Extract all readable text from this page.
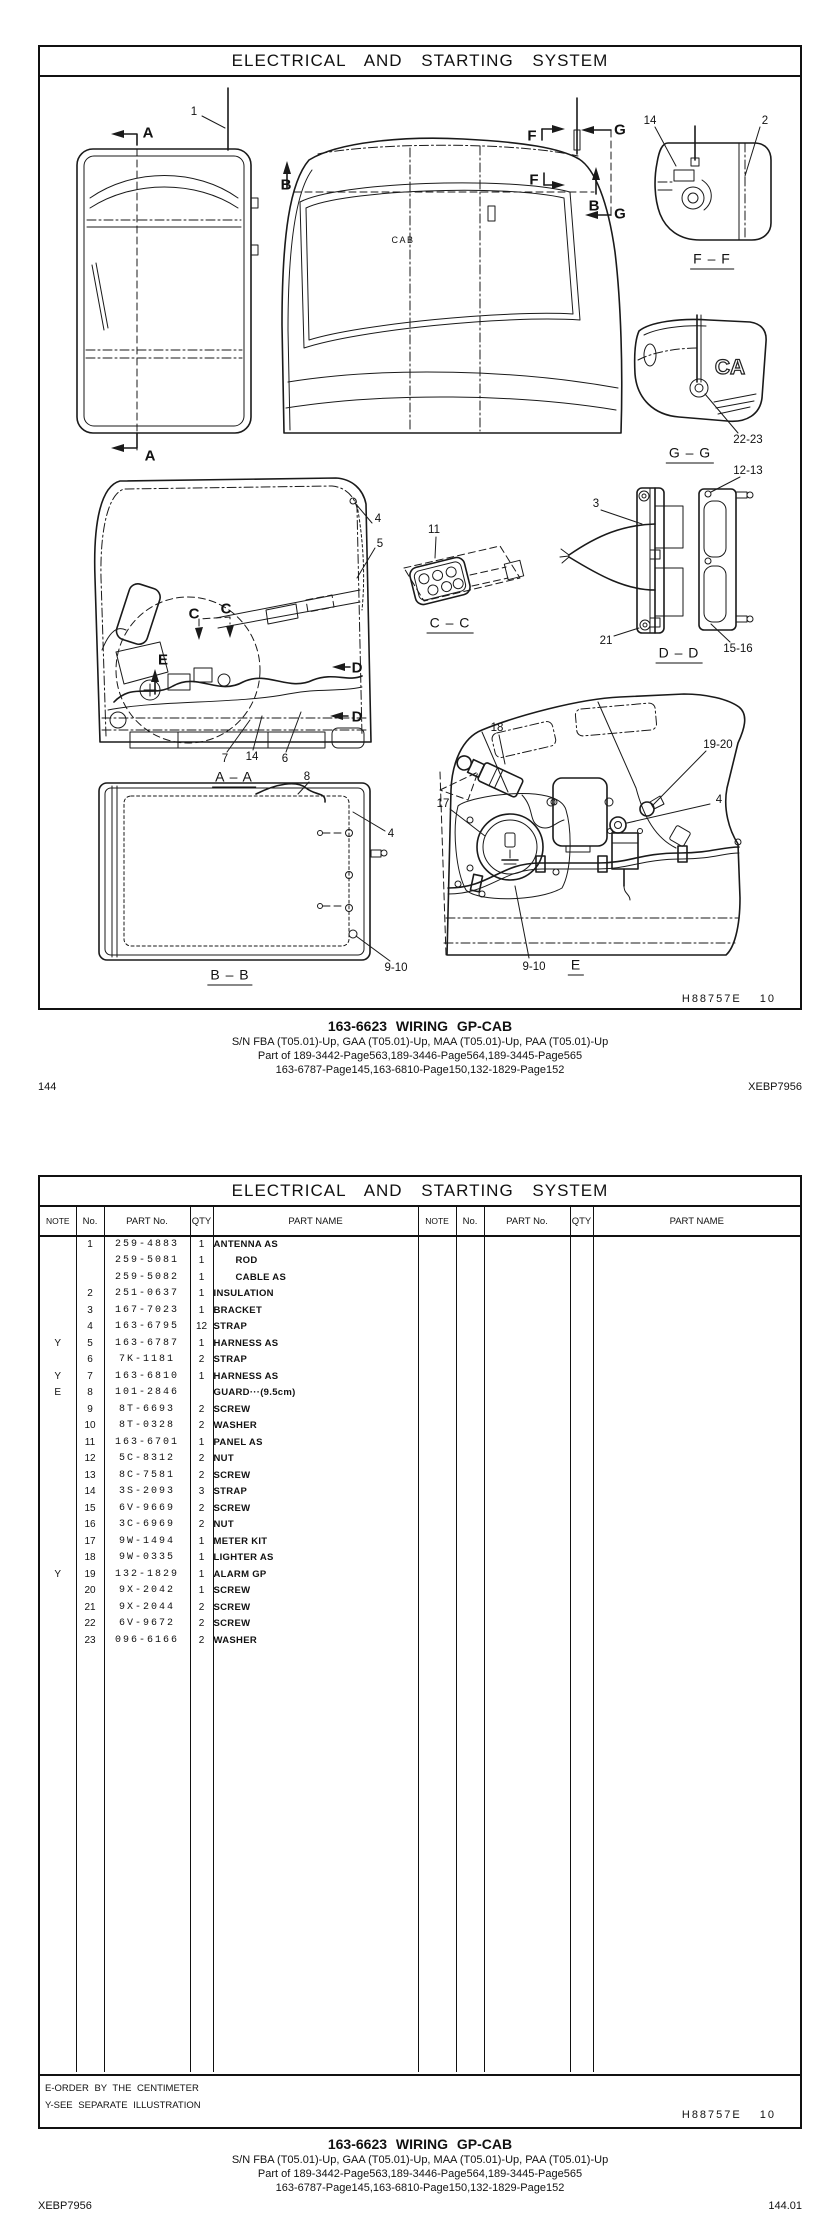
ELECTRICAL AND STARTING SYSTEM
1
A
A
B
CAB
F	G
F
B G
14	2
F – F
22-23
G – G
12-13
3
21
15-16
D – D
11
C – C
4
5
C C
E	D
D
7 14 6
A – A	8
4
9-10
B – B
18
19-20
17	4
9-10 E
CA
H88757E 10
163-6623 WIRING GP-CAB
S/N FBA (T05.01)-Up, GAA (T05.01)-Up, MAA (T05.01)-Up, PAA (T05.01)-Up
Part of 189-3442-Page563,189-3446-Page564,189-3445-Page565
163-6787-Page145,163-6810-Page150,132-1829-Page152
144	XEBP7956
ELECTRICAL AND STARTING SYSTEM
NOTE	No.	PART No.	QTY	PART NAME	NOTE	No.	PART No.	QTY	PART NAME
	1	259-4883	1	ANTENNA AS					
		259-5081	1	ROD					
		259-5082	1	CABLE AS					
	2	251-0637	1	INSULATION					
	3	167-7023	1	BRACKET					
	4	163-6795	12	STRAP					
Y	5	163-6787	1	HARNESS AS					
	6	7K-1181	2	STRAP					
Y	7	163-6810	1	HARNESS AS					
E	8	101-2846		GUARD···(9.5cm)					
	9	8T-6693	2	SCREW					
	10	8T-0328	2	WASHER					
	11	163-6701	1	PANEL AS					
	12	5C-8312	2	NUT					
	13	8C-7581	2	SCREW					
	14	3S-2093	3	STRAP					
	15	6V-9669	2	SCREW					
	16	3C-6969	2	NUT					
	17	9W-1494	1	METER KIT					
	18	9W-0335	1	LIGHTER AS					
Y	19	132-1829	1	ALARM GP					
	20	9X-2042	1	SCREW					
	21	9X-2044	2	SCREW					
	22	6V-9672	2	SCREW					
	23	096-6166	2	WASHER					

E-ORDER BY THE CENTIMETER
Y-SEE SEPARATE ILLUSTRATION
H88757E 10
163-6623 WIRING GP-CAB
S/N FBA (T05.01)-Up, GAA (T05.01)-Up, MAA (T05.01)-Up, PAA (T05.01)-Up
Part of 189-3442-Page563,189-3446-Page564,189-3445-Page565
163-6787-Page145,163-6810-Page150,132-1829-Page152
XEBP7956	144.01
